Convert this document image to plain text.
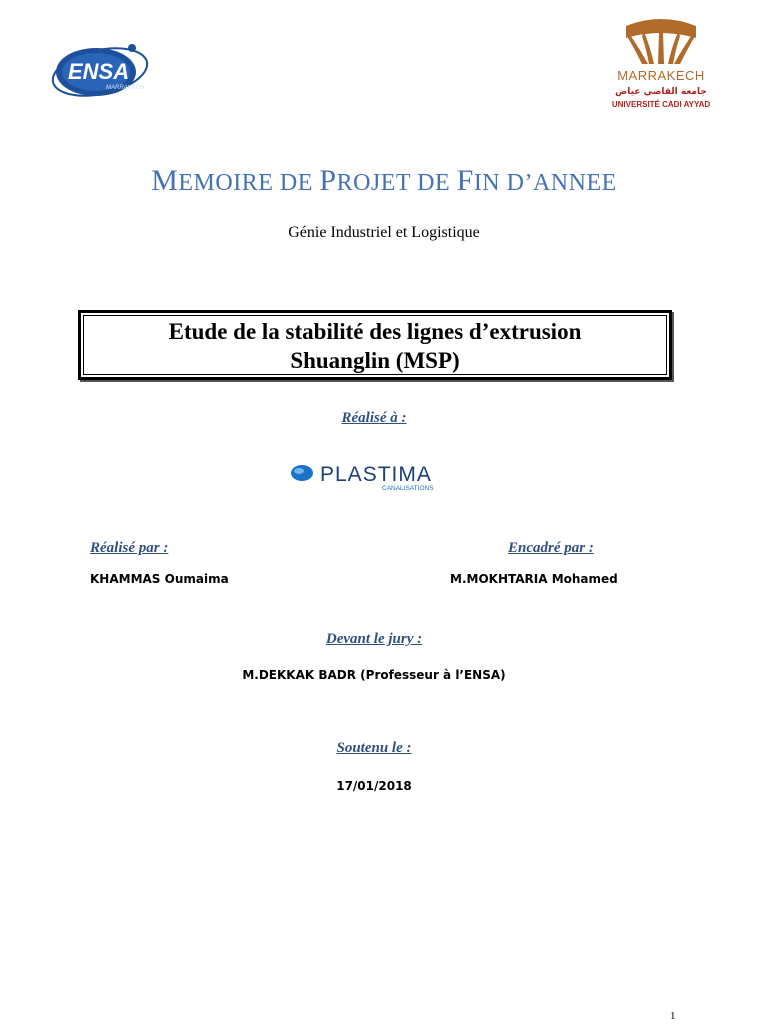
ENSA
MARRAKECH
MARRAKECH
جامعة القاضي عياض
UNIVERSITÉ CADI AYYAD
MEMOIRE DE PROJET DE FIN D’ANNEE
Génie Industriel et Logistique
Etude de la stabilité des lignes d’extrusion
Shuanglin (MSP)
Réalisé à :
PLASTIMA
CANALISATIONS
Réalisé par :	Encadré par :
KHAMMAS Oumaima	M.MOKHTARIA Mohamed
Devant le jury :
M.DEKKAK BADR (Professeur à l’ENSA)
Soutenu le :
17/01/2018
1
